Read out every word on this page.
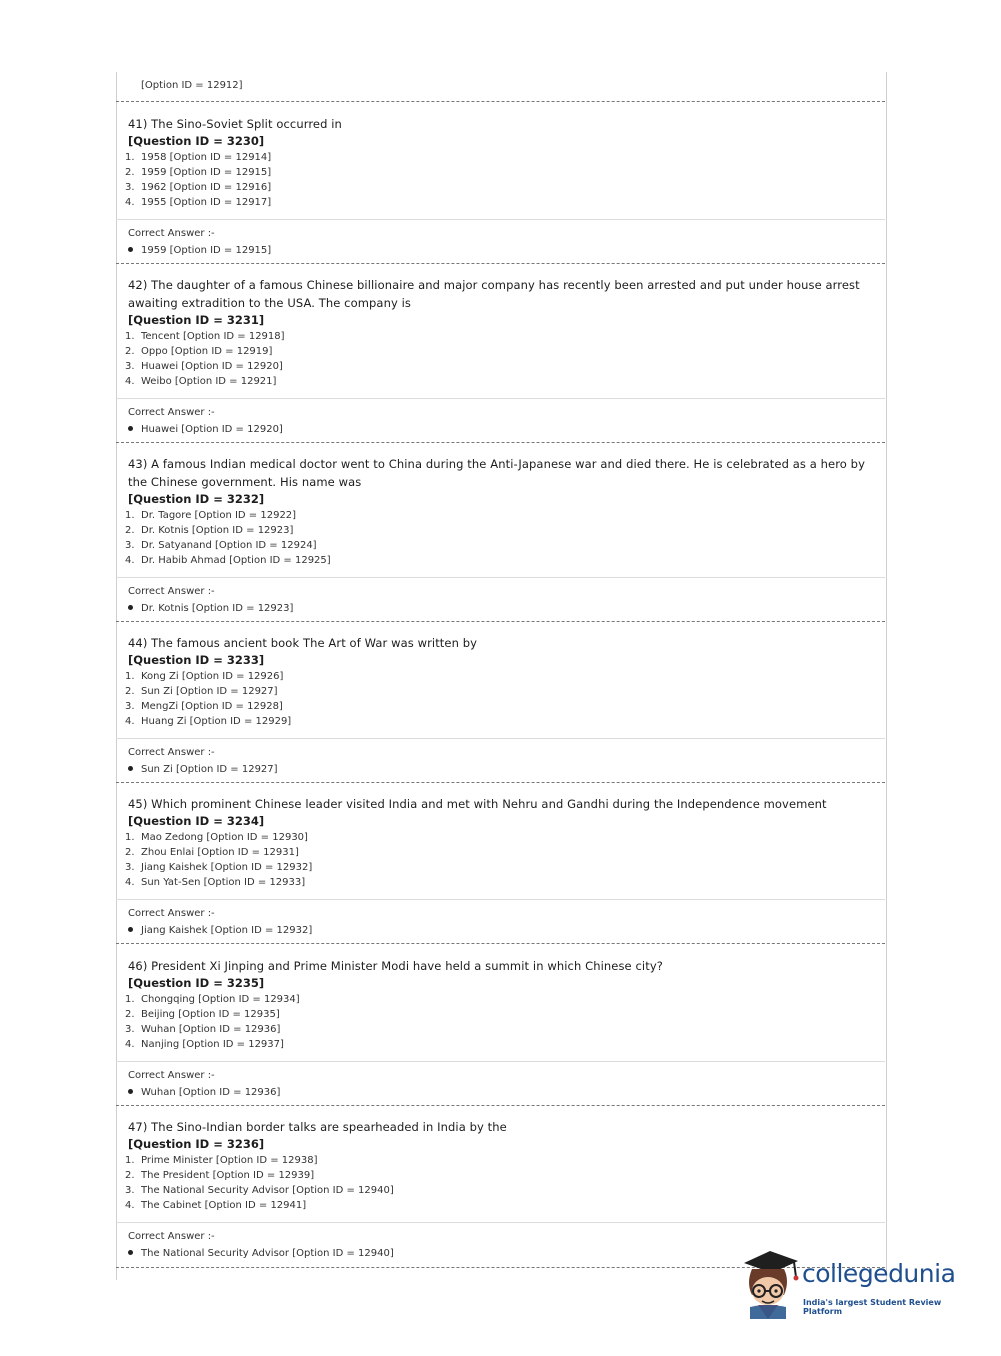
[Option ID = 12912]

41) The Sino-Soviet Split occurred in

[Question ID = 3230]

1. 1958 [Option ID = 12914]
2. 1959 [Option ID = 12915]
3. 1962 [Option ID = 12916]
4. 1955 [Option ID = 12917]

Correct Answer :-

1959 [Option ID = 12915]

42) The daughter of a famous Chinese billionaire and major company has recently been arrested and put under house arrest awaiting extradition to the USA. The company is

[Question ID = 3231]

1. Tencent [Option ID = 12918]
2. Oppo [Option ID = 12919]
3. Huawei [Option ID = 12920]
4. Weibo [Option ID = 12921]

Correct Answer :-

Huawei [Option ID = 12920]

43) A famous Indian medical doctor went to China during the Anti-Japanese war and died there. He is celebrated as a hero by the Chinese government. His name was

[Question ID = 3232]

1. Dr. Tagore [Option ID = 12922]
2. Dr. Kotnis [Option ID = 12923]
3. Dr. Satyanand [Option ID = 12924]
4. Dr. Habib Ahmad [Option ID = 12925]

Correct Answer :-

Dr. Kotnis [Option ID = 12923]

44) The famous ancient book The Art of War was written by

[Question ID = 3233]

1. Kong Zi [Option ID = 12926]
2. Sun Zi [Option ID = 12927]
3. MengZi [Option ID = 12928]
4. Huang Zi [Option ID = 12929]

Correct Answer :-

Sun Zi [Option ID = 12927]

45) Which prominent Chinese leader visited India and met with Nehru and Gandhi during the Independence movement

[Question ID = 3234]

1. Mao Zedong [Option ID = 12930]
2. Zhou Enlai [Option ID = 12931]
3. Jiang Kaishek [Option ID = 12932]
4. Sun Yat-Sen [Option ID = 12933]

Correct Answer :-

Jiang Kaishek [Option ID = 12932]

46) President Xi Jinping and Prime Minister Modi have held a summit in which Chinese city?

[Question ID = 3235]

1. Chongqing [Option ID = 12934]
2. Beijing [Option ID = 12935]
3. Wuhan [Option ID = 12936]
4. Nanjing [Option ID = 12937]

Correct Answer :-

Wuhan [Option ID = 12936]

47) The Sino-Indian border talks are spearheaded in India by the

[Question ID = 3236]

1. Prime Minister [Option ID = 12938]
2. The President [Option ID = 12939]
3. The National Security Advisor [Option ID = 12940]
4. The Cabinet [Option ID = 12941]

Correct Answer :-

The National Security Advisor [Option ID = 12940]

collegedunia
India's largest Student Review Platform
